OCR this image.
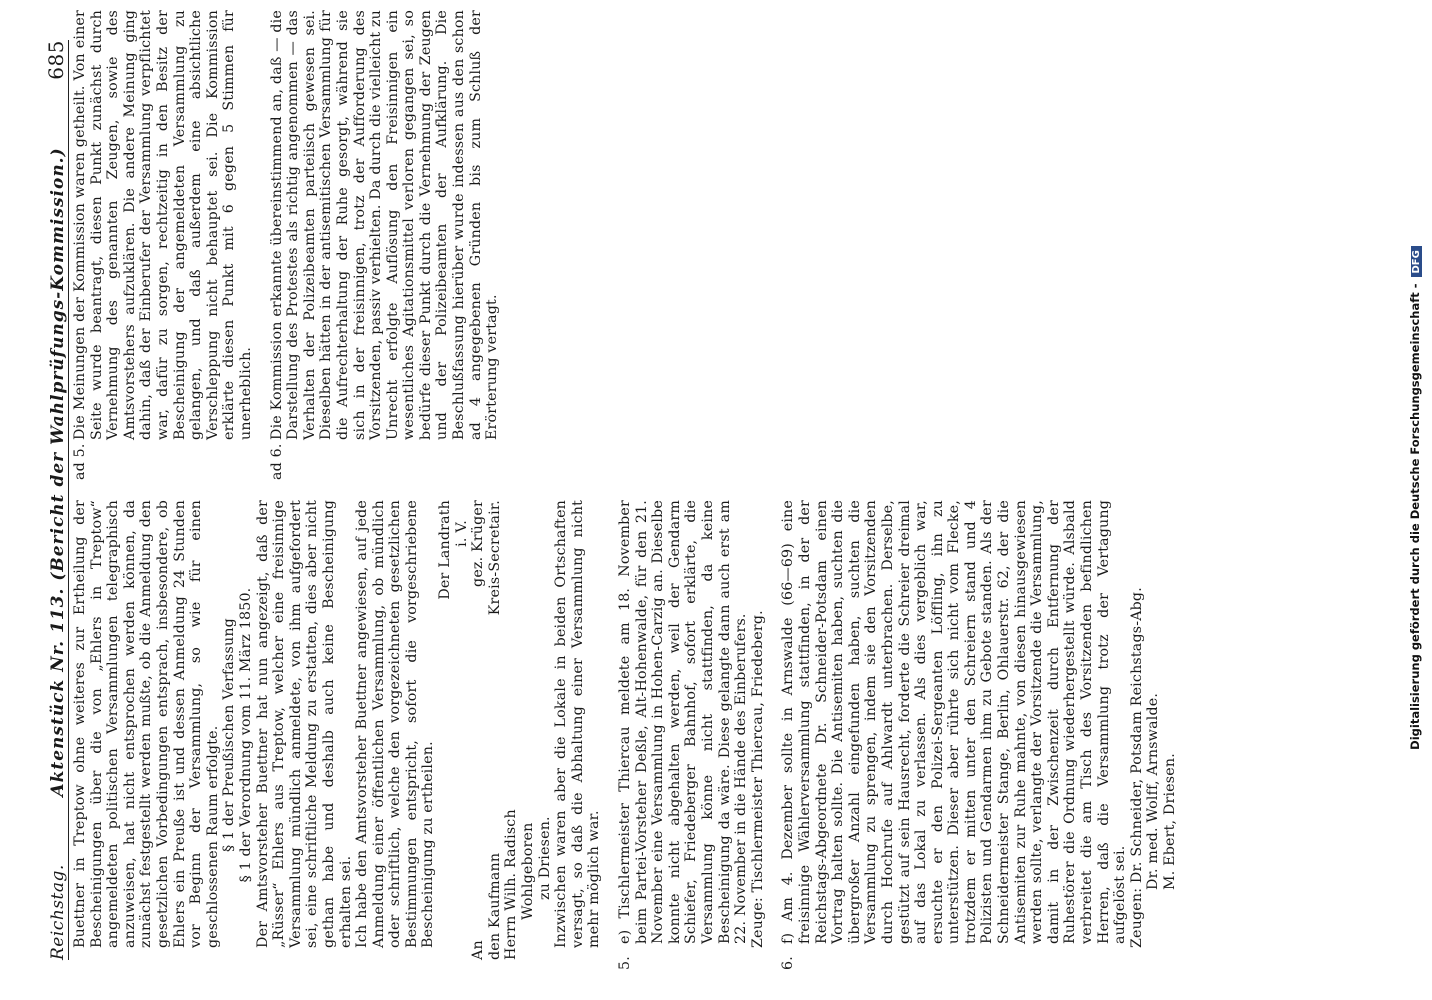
Reichstag.
Aktenstück Nr. 113. (Bericht der Wahlprüfungs-Kommission.)
685

Buettner in Treptow ohne weiteres zur Ertheilung der Bescheinigungen über die von „Ehlers in Treptow“ angemeldeten politischen Versammlungen telegraphisch anzuweisen, hat nicht entsprochen werden können, da zunächst festgestellt werden mußte, ob die Anmeldung den gesetzlichen Vorbedingungen entsprach, insbesondere, ob Ehlers ein Preuße ist und dessen Anmeldung 24 Stunden vor Beginn der Versammlung, so wie für einen geschlossenen Raum erfolgte. § 1 der Preußischen Verfassung § 1 der Verordnung vom 11. März 1850. Der Amtsvorsteher Buettner hat nun angezeigt, daß der „Rüsser“ Ehlers aus Treptow, welcher eine freisinnige Versammlung mündlich anmeldete, von ihm aufgefordert sei, eine schriftliche Meldung zu erstatten, dies aber nicht gethan habe und deshalb auch keine Bescheinigung erhalten sei. Ich habe den Amtsvorsteher Buettner angewiesen, auf jede Anmeldung einer öffentlichen Versammlung, ob mündlich oder schriftlich, welche den vorgezeichneten gesetzlichen Bestimmungen entspricht, sofort die vorgeschriebene Bescheinigung zu ertheilen.

Der Landrath i. V.

An den Kaufmann Herrn Wilh. Radisch Wohlgeboren zu Driesen.

gez. Krüger Kreis-Secretair.	Inzwischen waren aber die Lokale in beiden Ortschaften versagt, so daß die Abhaltung einer Versammlung nicht mehr möglich war.

5.

e) Tischlermeister Thiercau meldete am 18. November beim Partei-Vorsteher Deßle, Alt-Hohenwalde, für den 21. November eine Versammlung in Hohen-Carzig an. Dieselbe konnte nicht abgehalten werden, weil der Gendarm Schiefer, Friedeberger Bahnhof, sofort erklärte, die Versammlung könne nicht stattfinden, da keine Bescheinigung da wäre. Diese gelangte dann auch erst am 22. November in die Hände des Einberufers. Zeuge: Tischlermeister Thiercau, Friedeberg.

6.

f) Am 4. Dezember sollte in Arnswalde (66—69) eine freisinnige Wählerversammlung stattfinden, in der der Reichstags-Abgeordnete Dr. Schneider-Potsdam einen Vortrag halten sollte. Die Antisemiten haben, suchten die übergroßer Anzahl eingefunden haben, suchten die Versammlung zu sprengen, indem sie den Vorsitzenden durch Hochrufe auf Ahlwardt unterbrachen. Derselbe, gestützt auf sein Hausrecht, forderte die Schreier dreimal auf das Lokal zu verlassen. Als dies vergeblich war, ersuchte er den Polizei-Sergeanten Löffling, ihn zu unterstützen. Dieser aber rührte sich nicht vom Flecke, trotzdem er mitten unter den Schreiern stand und 4 Polizisten und Gendarmen ihm zu Gebote standen. Als der Schneidermeister Stange, Berlin, Ohlauerstr. 62, der die Antisemiten zur Ruhe mahnte, von diesen hinausgewiesen werden sollte, verlangte der Vorsitzende die Versammlung, damit in der Zwischenzeit durch Entfernung der Ruhestörer die Ordnung wiederhergestellt würde. Alsbald verbreitet die am Tisch des Vorsitzenden befindlichen Herren, daß die Versammlung trotz der Vertagung aufgelöst sei. Zeugen: Dr. Schneider, Potsdam Reichstags-Abg. Dr. med. Wolff, Arnswalde. M. Ebert, Driesen.

ad 5.

Die Meinungen der Kommission waren getheilt. Von einer Seite wurde beantragt, diesen Punkt zunächst durch Vernehmung des genannten Zeugen, sowie des Amtsvorstehers aufzuklären. Die andere Meinung ging dahin, daß der Einberufer der Versammlung verpflichtet war, dafür zu sorgen, rechtzeitig in den Besitz der Bescheinigung der angemeldeten Versammlung zu gelangen, und daß außerdem eine absichtliche Verschleppung nicht behauptet sei. Die Kommission erklärte diesen Punkt mit 6 gegen 5 Stimmen für unerheblich.

ad 6.

Die Kommission erkannte übereinstimmend an, daß — die Darstellung des Protestes als richtig angenommen — das Verhalten der Polizeibeamten parteiisch gewesen sei. Dieselben hätten in der antisemitischen Versammlung für die Aufrechterhaltung der Ruhe gesorgt, während sie sich in der freisinnigen, trotz der Aufforderung des Vorsitzenden, passiv verhielten. Da durch die vielleicht zu Unrecht erfolgte Auflösung den Freisinnigen ein wesentliches Agitationsmittel verloren gegangen sei, so bedürfe dieser Punkt durch die Vernehmung der Zeugen und der Polizeibeamten der Aufklärung. Die Beschlußfassung hierüber wurde indessen aus den schon ad 4 angegebenen Gründen bis zum Schluß der Erörterung vertagt.	Digitalisierung gefördert durch die Deutsche Forschungsgemeinschaft -DFG
